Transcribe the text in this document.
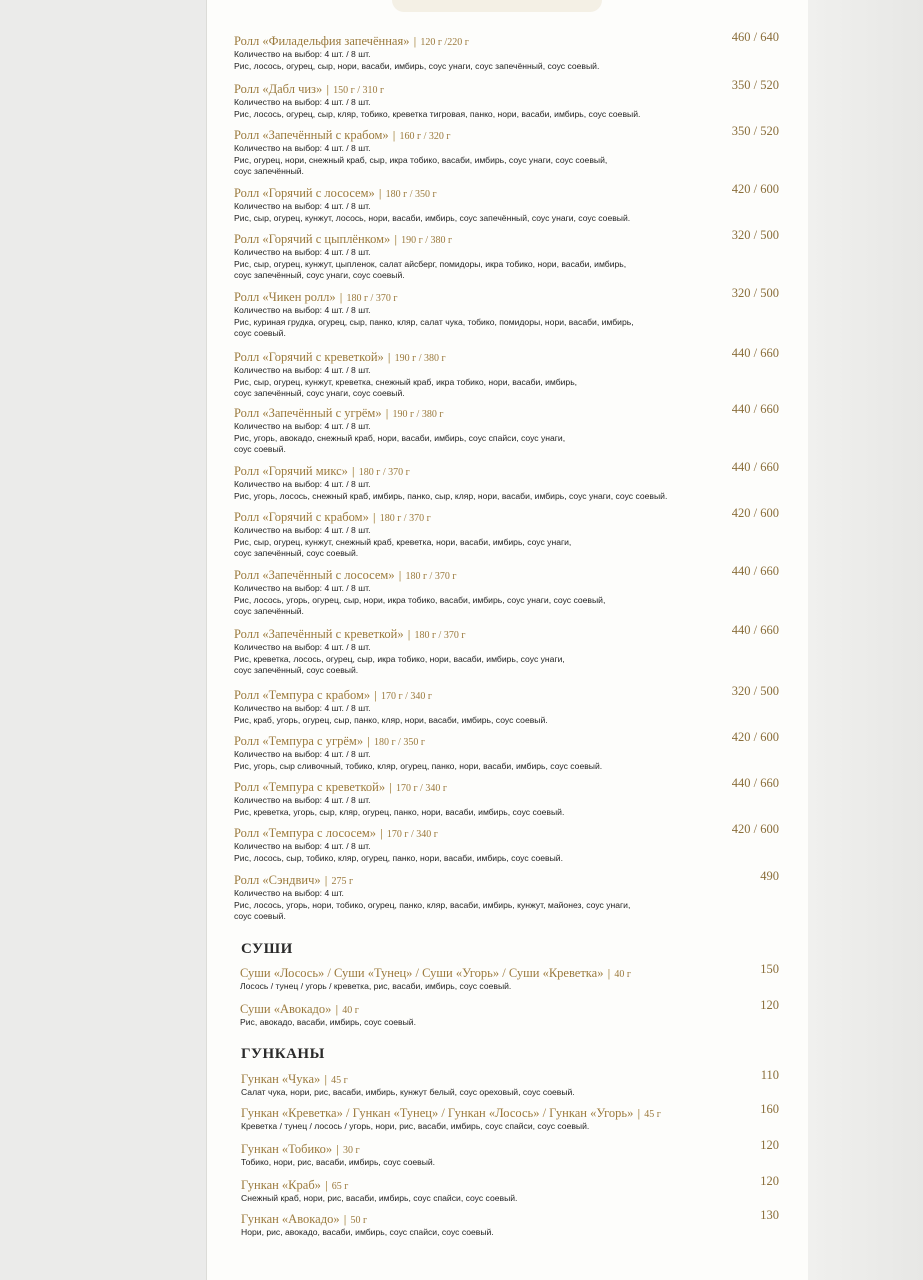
Ролл «Филадельфия запечённая» | 120 г /220 г	460 / 640
Количество на выбор: 4 шт. / 8 шт.
Рис, лосось, огурец, сыр, нори, васаби, имбирь, соус унаги, соус запечённый, соус соевый.
Ролл «Дабл чиз» | 150 г / 310 г	350 / 520
Количество на выбор: 4 шт. / 8 шт.
Рис, лосось, огурец, сыр, кляр, тобико, креветка тигровая, панко, нори, васаби, имбирь, соус соевый.
Ролл «Запечённый с крабом» | 160 г / 320 г	350 / 520
Количество на выбор: 4 шт. / 8 шт.
Рис, огурец, нори, снежный краб, сыр, икра тобико, васаби, имбирь, соус унаги, соус соевый,
соус запечённый.
Ролл «Горячий с лососем» | 180 г / 350 г	420 / 600
Количество на выбор: 4 шт. / 8 шт.
Рис, сыр, огурец, кунжут, лосось, нори, васаби, имбирь, соус запечённый, соус унаги, соус соевый.
Ролл «Горячий с цыплёнком» | 190 г / 380 г	320 / 500
Количество на выбор: 4 шт. / 8 шт.
Рис, сыр, огурец, кунжут, цыпленок, салат айсберг, помидоры, икра тобико, нори, васаби, имбирь,
соус запечённый, соус унаги, соус соевый.
Ролл «Чикен ролл» | 180 г / 370 г	320 / 500
Количество на выбор: 4 шт. / 8 шт.
Рис, куриная грудка, огурец, сыр, панко, кляр, салат чука, тобико, помидоры, нори, васаби, имбирь,
соус соевый.
Ролл «Горячий с креветкой» | 190 г / 380 г	440 / 660
Количество на выбор: 4 шт. / 8 шт.
Рис, сыр, огурец, кунжут, креветка, снежный краб, икра тобико, нори, васаби, имбирь,
соус запечённый, соус унаги, соус соевый.
Ролл «Запечённый с угрём» | 190 г / 380 г	440 / 660
Количество на выбор: 4 шт. / 8 шт.
Рис, угорь, авокадо, снежный краб, нори, васаби, имбирь, соус спайси, соус унаги,
соус соевый.
Ролл «Горячий микс» | 180 г / 370 г	440 / 660
Количество на выбор: 4 шт. / 8 шт.
Рис, угорь, лосось, снежный краб, имбирь, панко, сыр, кляр, нори, васаби, имбирь, соус унаги, соус соевый.
Ролл «Горячий с крабом» | 180 г / 370 г	420 / 600
Количество на выбор: 4 шт. / 8 шт.
Рис, сыр, огурец, кунжут, снежный краб, креветка, нори, васаби, имбирь, соус унаги,
соус запечённый, соус соевый.
Ролл «Запечённый с лососем» | 180 г / 370 г	440 / 660
Количество на выбор: 4 шт. / 8 шт.
Рис, лосось, угорь, огурец, сыр, нори, икра тобико, васаби, имбирь, соус унаги, соус соевый,
соус запечённый.
Ролл «Запечённый с креветкой» | 180 г / 370 г	440 / 660
Количество на выбор: 4 шт. / 8 шт.
Рис, креветка, лосось, огурец, сыр, икра тобико, нори, васаби, имбирь, соус унаги,
соус запечённый, соус соевый.
Ролл «Темпура с крабом» | 170 г / 340 г	320 / 500
Количество на выбор: 4 шт. / 8 шт.
Рис, краб, угорь, огурец, сыр, панко, кляр, нори, васаби, имбирь, соус соевый.
Ролл «Темпура с угрём» | 180 г / 350 г	420 / 600
Количество на выбор: 4 шт. / 8 шт.
Рис, угорь, сыр сливочный, тобико, кляр, огурец, панко, нори, васаби, имбирь, соус соевый.
Ролл «Темпура с креветкой» | 170 г / 340 г	440 / 660
Количество на выбор: 4 шт. / 8 шт.
Рис, креветка, угорь, сыр, кляр, огурец, панко, нори, васаби, имбирь, соус соевый.
Ролл «Темпура с лососем» | 170 г / 340 г	420 / 600
Количество на выбор: 4 шт. / 8 шт.
Рис, лосось, сыр, тобико, кляр, огурец, панко, нори, васаби, имбирь, соус соевый.
Ролл «Сэндвич» | 275 г	490
Количество на выбор: 4 шт.
Рис, лосось, угорь, нори, тобико, огурец, панко, кляр, васаби, имбирь, кунжут, майонез, соус унаги,
соус соевый.
СУШИ
Суши «Лосось» / Суши «Тунец» / Суши «Угорь» / Суши «Креветка» | 40 г	150
Лосось / тунец / угорь / креветка, рис, васаби, имбирь, соус соевый.
Суши «Авокадо» | 40 г	120
Рис, авокадо, васаби, имбирь, соус соевый.
ГУНКАНЫ
Гункан «Чука» | 45 г	110
Салат чука, нори, рис, васаби, имбирь, кунжут белый, соус ореховый, соус соевый.
Гункан «Креветка» / Гункан «Тунец» / Гункан «Лосось» / Гункан «Угорь» | 45 г	160
Креветка / тунец / лосось / угорь, нори, рис, васаби, имбирь, соус спайси, соус соевый.
Гункан «Тобико» | 30 г	120
Тобико, нори, рис, васаби, имбирь, соус соевый.
Гункан «Краб» | 65 г	120
Снежный краб, нори, рис, васаби, имбирь, соус спайси, соус соевый.
Гункан «Авокадо» | 50 г	130
Нори, рис, авокадо, васаби, имбирь, соус спайси, соус соевый.
